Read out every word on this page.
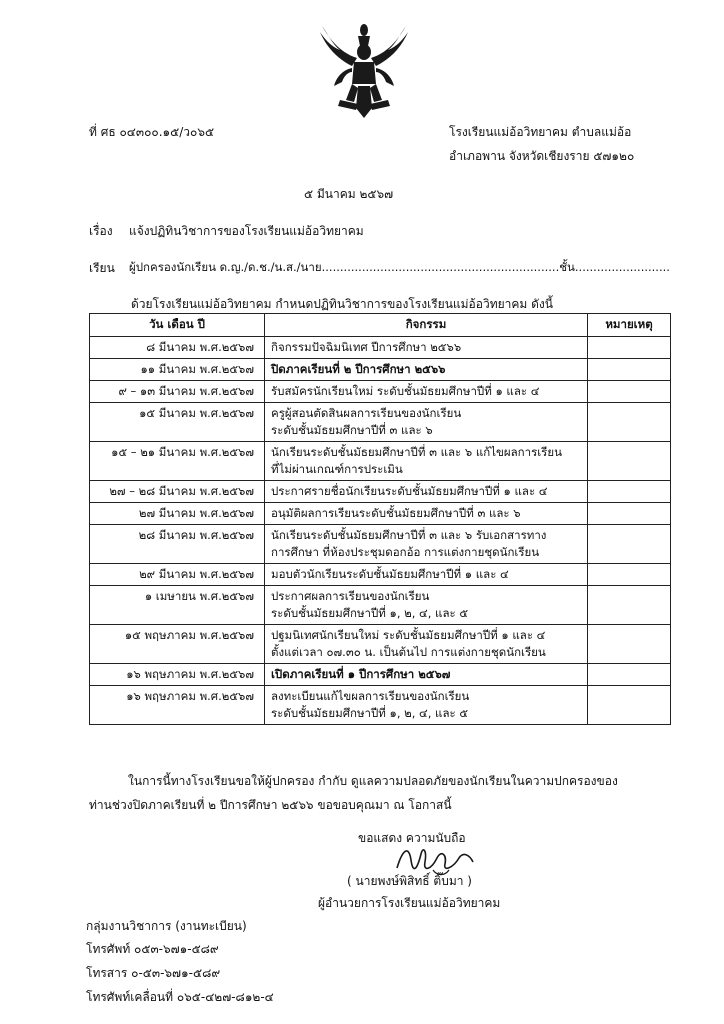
ที่ ศธ ๐๔๓๐๐.๑๕/ว๐๖๕	โรงเรียนแม่อ้อวิทยาคม ตำบลแม่อ้อ
อำเภอพาน จังหวัดเชียงราย ๕๗๑๒๐
๕ มีนาคม ๒๕๖๗
เรื่อง แจ้งปฏิทินวิชาการของโรงเรียนแม่อ้อวิทยาคม
เรียน ผู้ปกครองนักเรียน ด.ญ./ด.ช./น.ส./นาย.................................................................ชั้น..........................
ด้วยโรงเรียนแม่อ้อวิทยาคม กำหนดปฏิทินวิชาการของโรงเรียนแม่อ้อวิทยาคม ดังนี้
วัน เดือน ปี	กิจกรรม	หมายเหตุ
๘ มีนาคม พ.ศ.๒๕๖๗	กิจกรรมปัจฉิมนิเทศ ปีการศึกษา ๒๕๖๖	

๑๑ มีนาคม พ.ศ.๒๕๖๗	ปิดภาคเรียนที่ ๒ ปีการศึกษา ๒๕๖๖	

๙ – ๑๓ มีนาคม พ.ศ.๒๕๖๗	รับสมัครนักเรียนใหม่ ระดับชั้นมัธยมศึกษาปีที่ ๑ และ ๔	

๑๕ มีนาคม พ.ศ.๒๕๖๗	ครูผู้สอนตัดสินผลการเรียนของนักเรียน
ระดับชั้นมัธยมศึกษาปีที่ ๓ และ ๖	

๑๕ – ๒๑ มีนาคม พ.ศ.๒๕๖๗	นักเรียนระดับชั้นมัธยมศึกษาปีที่ ๓ และ ๖ แก้ไขผลการเรียน
ที่ไม่ผ่านเกณฑ์การประเมิน	

๒๗ – ๒๘ มีนาคม พ.ศ.๒๕๖๗	ประกาศรายชื่อนักเรียนระดับชั้นมัธยมศึกษาปีที่ ๑ และ ๔	

๒๗ มีนาคม พ.ศ.๒๕๖๗	อนุมัติผลการเรียนระดับชั้นมัธยมศึกษาปีที่ ๓ และ ๖	

๒๘ มีนาคม พ.ศ.๒๕๖๗	นักเรียนระดับชั้นมัธยมศึกษาปีที่ ๓ และ ๖ รับเอกสารทาง
การศึกษา ที่ห้องประชุมดอกอ้อ การแต่งกายชุดนักเรียน	

๒๙ มีนาคม พ.ศ.๒๕๖๗	มอบตัวนักเรียนระดับชั้นมัธยมศึกษาปีที่ ๑ และ ๔	

๑ เมษายน พ.ศ.๒๕๖๗	ประกาศผลการเรียนของนักเรียน
ระดับชั้นมัธยมศึกษาปีที่ ๑, ๒, ๔, และ ๕	

๑๕ พฤษภาคม พ.ศ.๒๕๖๗	ปฐมนิเทศนักเรียนใหม่ ระดับชั้นมัธยมศึกษาปีที่ ๑ และ ๔
ตั้งแต่เวลา ๐๗.๓๐ น. เป็นต้นไป การแต่งกายชุดนักเรียน	

๑๖ พฤษภาคม พ.ศ.๒๕๖๗	เปิดภาคเรียนที่ ๑ ปีการศึกษา ๒๕๖๗	

๑๖ พฤษภาคม พ.ศ.๒๕๖๗	ลงทะเบียนแก้ไขผลการเรียนของนักเรียน
ระดับชั้นมัธยมศึกษาปีที่ ๑, ๒, ๔, และ ๕	

ในการนี้ทางโรงเรียนขอให้ผู้ปกครอง กำกับ ดูแลความปลอดภัยของนักเรียนในความปกครองของ
ท่านช่วงปิดภาคเรียนที่ ๒ ปีการศึกษา ๒๕๖๖ ขอขอบคุณมา ณ โอกาสนี้
ขอแสดง ความนับถือ
( นายพงษ์พิสิทธิ์ ติ๊บมา )
ผู้อำนวยการโรงเรียนแม่อ้อวิทยาคม
กลุ่มงานวิชาการ (งานทะเบียน)
โทรศัพท์ ๐๕๓-๖๗๑-๕๘๙
โทรสาร ๐-๕๓-๖๗๑-๕๘๙
โทรศัพท์เคลื่อนที่ ๐๖๕-๔๒๗-๘๑๒-๔
